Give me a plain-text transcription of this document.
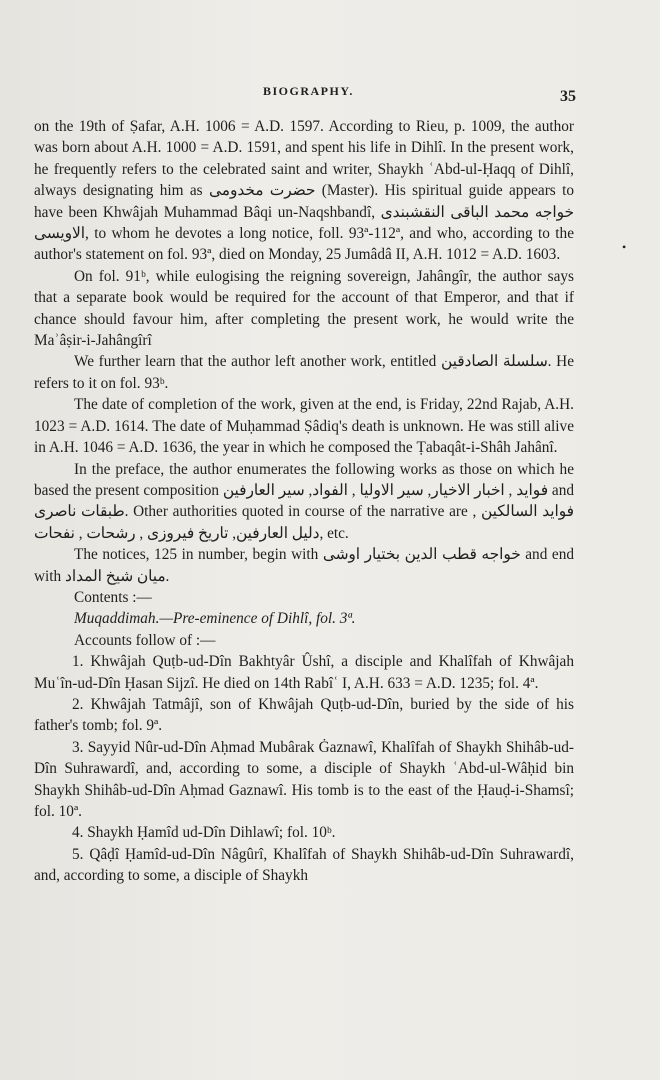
BIOGRAPHY.	35
•

on the 19th of Ṣafar, A.H. 1006 = A.D. 1597. According to Rieu, p. 1009, the author was born about A.H. 1000 = A.D. 1591, and spent his life in Dihlî. In the present work, he frequently refers to the celebrated saint and writer, Shaykh ʿAbd-ul-Ḥaqq of Dihlî, always designating him as حضرت مخدومی (Master). His spiritual guide appears to have been Khwâjah Muhammad Bâqi un-Naqshbandî, خواجه محمد الباقی النقشبندی الاویسی, to whom he devotes a long notice, foll. 93ª-112ª, and who, according to the author's statement on fol. 93ª, died on Monday, 25 Jumâdâ II, A.H. 1012 = A.D. 1603.

On fol. 91ᵇ, while eulogising the reigning sovereign, Jahângîr, the author says that a separate book would be required for the account of that Emperor, and that if chance should favour him, after completing the present work, he would write the Maʾâṣir-i-Jahângîrî

We further learn that the author left another work, entitled سلسلة الصادقین. He refers to it on fol. 93ᵇ.

The date of completion of the work, given at the end, is Friday, 22nd Rajab, A.H. 1023 = A.D. 1614. The date of Muḥammad Ṣâdiq's death is unknown. He was still alive in A.H. 1046 = A.D. 1636, the year in which he composed the Ṭabaqât-i-Shâh Jahânî.

In the preface, the author enumerates the following works as those on which he based the present composition فواید , اخبار الاخیار, سیر الاولیا , الفواد, سیر العارفین and طبقات ناصری. Other authorities quoted in course of the narrative are فواید السالکین , دلیل العارفین, تاریخ فیروزی , رشحات , نفحات, etc.

The notices, 125 in number, begin with خواجه قطب الدین بختیار اوشی and end with میان شیخ المداد.

Contents :—

Muqaddimah.—Pre-eminence of Dihlî, fol. 3ª.

Accounts follow of :—

1. Khwâjah Quṭb-ud-Dîn Bakhtyâr Ûshî, a disciple and Khalîfah of Khwâjah Muʿîn-ud-Dîn Ḥasan Sijzî. He died on 14th Rabîʿ I, A.H. 633 = A.D. 1235; fol. 4ª.

2. Khwâjah Tatmâjî, son of Khwâjah Quṭb-ud-Dîn, buried by the side of his father's tomb; fol. 9ª.

3. Sayyid Nûr-ud-Dîn Aḥmad Mubârak Ġaznawî, Khalîfah of Shaykh Shihâb-ud-Dîn Suhrawardî, and, according to some, a disciple of Shaykh ʿAbd-ul-Wâḥid bin Shaykh Shihâb-ud-Dîn Aḥmad Gaznawî. His tomb is to the east of the Ḥauḍ-i-Shamsî; fol. 10ª.

4. Shaykh Ḥamîd ud-Dîn Dihlawî; fol. 10ᵇ.

5. Qâḍî Ḥamîd-ud-Dîn Nâgûrî, Khalîfah of Shaykh Shihâb-ud-Dîn Suhrawardî, and, according to some, a disciple of Shaykh
